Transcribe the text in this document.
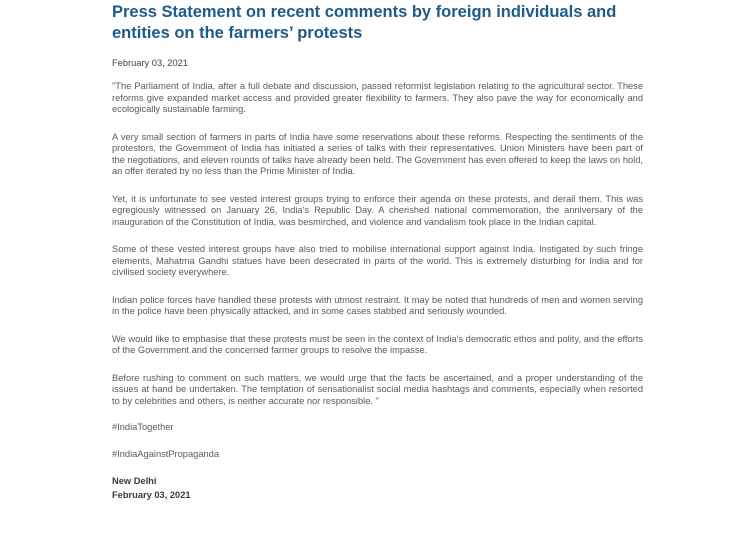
Press Statement on recent comments by foreign individuals and entities on the farmers’ protests
February 03, 2021

"The Parliament of India, after a full debate and discussion, passed reformist legislation relating to the agricultural sector. These reforms give expanded market access and provided greater flexibility to farmers. They also pave the way for economically and ecologically sustainable farming.

A very small section of farmers in parts of India have some reservations about these reforms. Respecting the sentiments of the protestors, the Government of India has initiated a series of talks with their representatives. Union Ministers have been part of the negotiations, and eleven rounds of talks have already been held. The Government has even offered to keep the laws on hold, an offer iterated by no less than the Prime Minister of India.

Yet, it is unfortunate to see vested interest groups trying to enforce their agenda on these protests, and derail them. This was egregiously witnessed on January 26, India's Republic Day. A cherished national commemoration, the anniversary of the inauguration of the Constitution of India, was besmirched, and violence and vandalism took place in the Indian capital.

Some of these vested interest groups have also tried to mobilise international support against India. Instigated by such fringe elements, Mahatma Gandhi statues have been desecrated in parts of the world. This is extremely disturbing for India and for civilised society everywhere.

Indian police forces have handled these protests with utmost restraint. It may be noted that hundreds of men and women serving in the police have been physically attacked, and in some cases stabbed and seriously wounded.

We would like to emphasise that these protests must be seen in the context of India's democratic ethos and polity, and the efforts of the Government and the concerned farmer groups to resolve the impasse.

Before rushing to comment on such matters, we would urge that the facts be ascertained, and a proper understanding of the issues at hand be undertaken. The temptation of sensationalist social media hashtags and comments, especially when resorted to by celebrities and others, is neither accurate nor responsible. "

#IndiaTogether

#IndiaAgainstPropaganda

New Delhi
February 03, 2021
